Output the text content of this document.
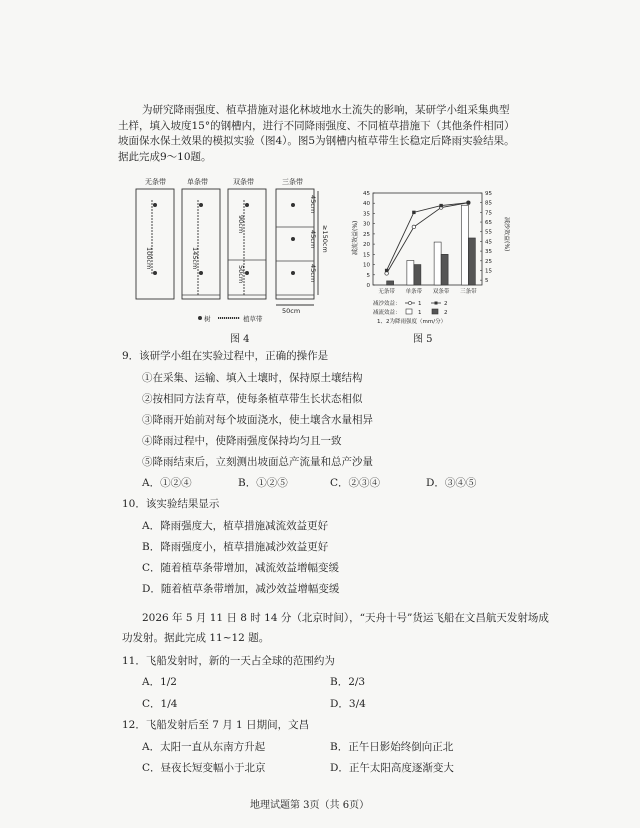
为研究降雨强度、植草措施对退化林坡地水土流失的影响，某研学小组采集典型土样，填入坡度15°的钢槽内，进行不同降雨强度、不同植草措施下（其他条件相同）坡面保水保土效果的模拟实验（图4）。图5为钢槽内植草带生长稳定后降雨实验结果。据此完成9～10题。
无条带	单条带	双条带	三条带
100cm	145cm
90cm
50cm
45cm
45cm
45cm
≥150cm
50cm
树	植草带
图 4
0
5
10
15
20
25
30
35
40
45
5
15
25
35
45
55
65
75
85
95
减流效益(%)	减沙效益(%)
无条带 单条带 双条带 三条带
减沙效益：	1	2
减流效益：	1	2
1、2为降雨强度（mm/分）
图 5
9．该研学小组在实验过程中，正确的操作是
①在采集、运输、填入土壤时，保持原土壤结构
②按相同方法育草，使每条植草带生长状态相似
③降雨开始前对每个坡面浇水，使土壤含水量相异
④降雨过程中，使降雨强度保持均匀且一致
⑤降雨结束后，立刻测出坡面总产流量和总产沙量
A．①②④	B．①②⑤	C．②③④	D．③④⑤
10．该实验结果显示
A．降雨强度大，植草措施减流效益更好
B．降雨强度小，植草措施减沙效益更好
C．随着植草条带增加，减流效益增幅变缓
D．随着植草条带增加，减沙效益增幅变缓
2026 年 5 月 11 日 8 时 14 分（北京时间），“天舟十号”货运飞船在文昌航天发射场成
功发射。据此完成 11~12 题。
11．飞船发射时，新的一天占全球的范围约为
A．1/2	B．2/3
C．1/4	D．3/4
12．飞船发射后至 7 月 1 日期间，文昌
A．太阳一直从东南方升起	B．正午日影始终倒向正北
C．昼夜长短变幅小于北京	D．正午太阳高度逐渐变大
地理试题第 3页（共 6页）
